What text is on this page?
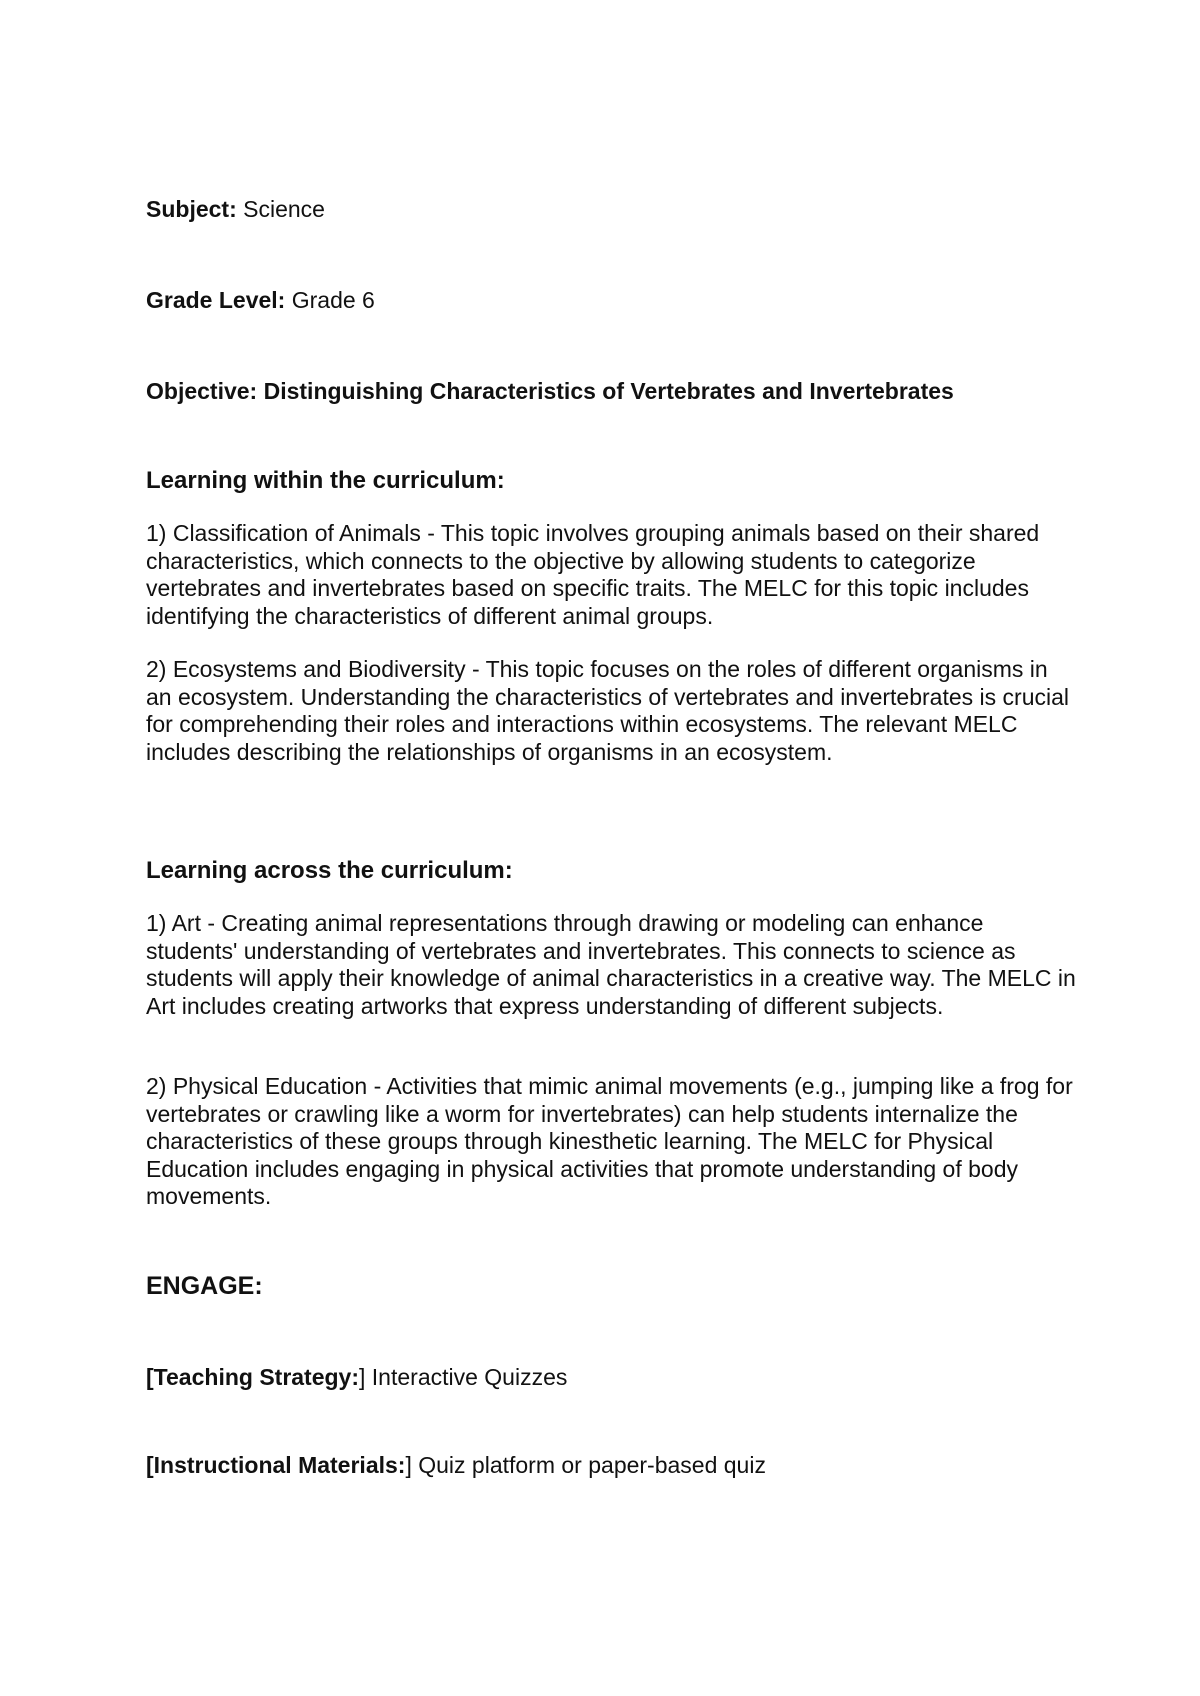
Subject: Science
Grade Level: Grade 6
Objective: Distinguishing Characteristics of Vertebrates and Invertebrates
Learning within the curriculum:
1) Classification of Animals - This topic involves grouping animals based on their shared characteristics, which connects to the objective by allowing students to categorize vertebrates and invertebrates based on specific traits. The MELC for this topic includes identifying the characteristics of different animal groups.
2) Ecosystems and Biodiversity - This topic focuses on the roles of different organisms in an ecosystem. Understanding the characteristics of vertebrates and invertebrates is crucial for comprehending their roles and interactions within ecosystems. The relevant MELC includes describing the relationships of organisms in an ecosystem.
Learning across the curriculum:
1) Art - Creating animal representations through drawing or modeling can enhance students' understanding of vertebrates and invertebrates. This connects to science as students will apply their knowledge of animal characteristics in a creative way. The MELC in Art includes creating artworks that express understanding of different subjects.
2) Physical Education - Activities that mimic animal movements (e.g., jumping like a frog for vertebrates or crawling like a worm for invertebrates) can help students internalize the characteristics of these groups through kinesthetic learning. The MELC for Physical Education includes engaging in physical activities that promote understanding of body movements.
ENGAGE:
[Teaching Strategy:] Interactive Quizzes
[Instructional Materials:] Quiz platform or paper-based quiz
